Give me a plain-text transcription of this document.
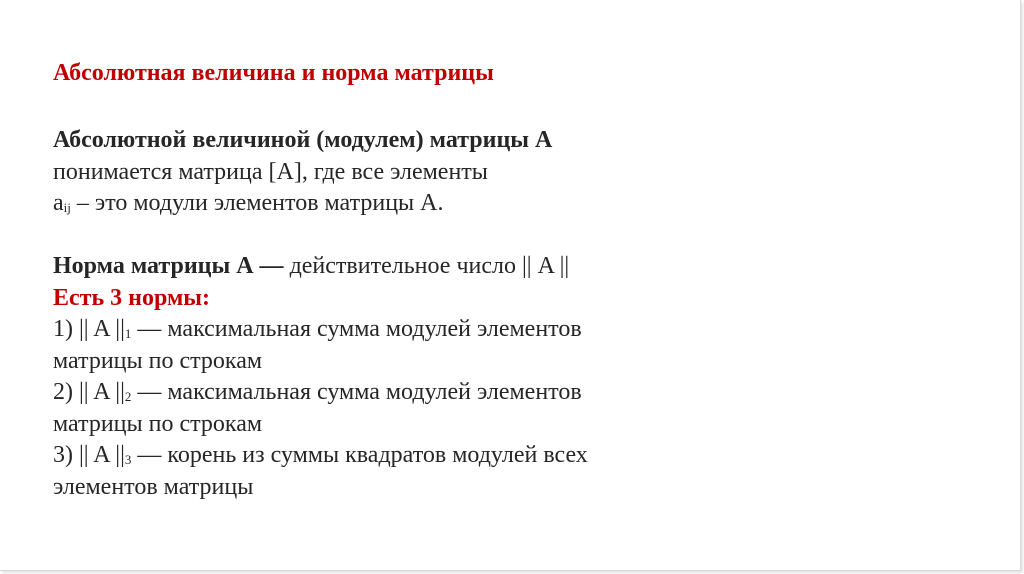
Абсолютная величина и норма матрицы
Абсолютной величиной (модулем) матрицы А
понимается матрица [A], где все элементы
$a_{ij}$ – это модули элементов матрицы А.
Норма матрицы А — действительное число || A ||
Есть 3 нормы:
1) || A $||_1$ — максимальная сумма модулей элементов
матрицы по строкам
2) || A $||_2$ — максимальная сумма модулей элементов
матрицы по строкам
3) || A $||_3$ — корень из суммы квадратов модулей всех
элементов матрицы
